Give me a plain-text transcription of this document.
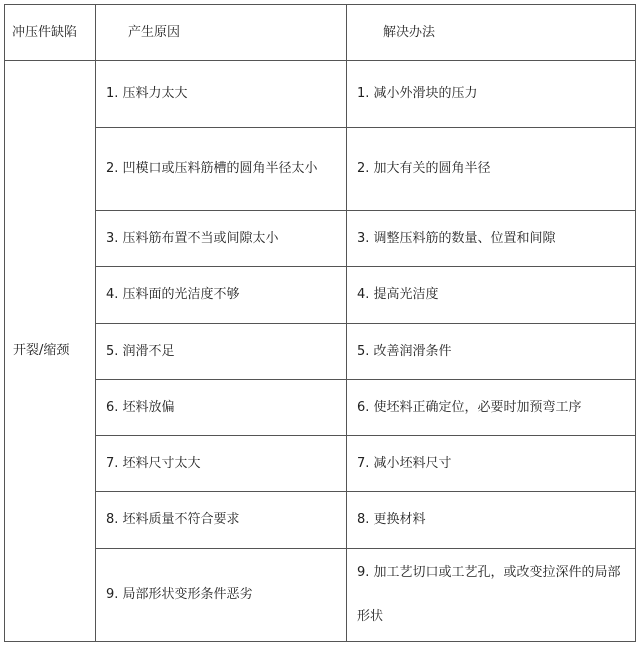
冲压件缺陷	产生原因	解决办法
开裂/缩颈	1. 压料力太大	1. 减小外滑块的压力
	2. 凹模口或压料筋槽的圆角半径太小	2. 加大有关的圆角半径
	3. 压料筋布置不当或间隙太小	3. 调整压料筋的数量、位置和间隙
	4. 压料面的光洁度不够	4. 提高光洁度
	5. 润滑不足	5. 改善润滑条件
	6. 坯料放偏	6. 使坯料正确定位，必要时加预弯工序
	7. 坯料尺寸太大	7. 减小坯料尺寸
	8. 坯料质量不符合要求	8. 更换材料
	9. 局部形状变形条件恶劣	9. 加工艺切口或工艺孔，或改变拉深件的局部形状
